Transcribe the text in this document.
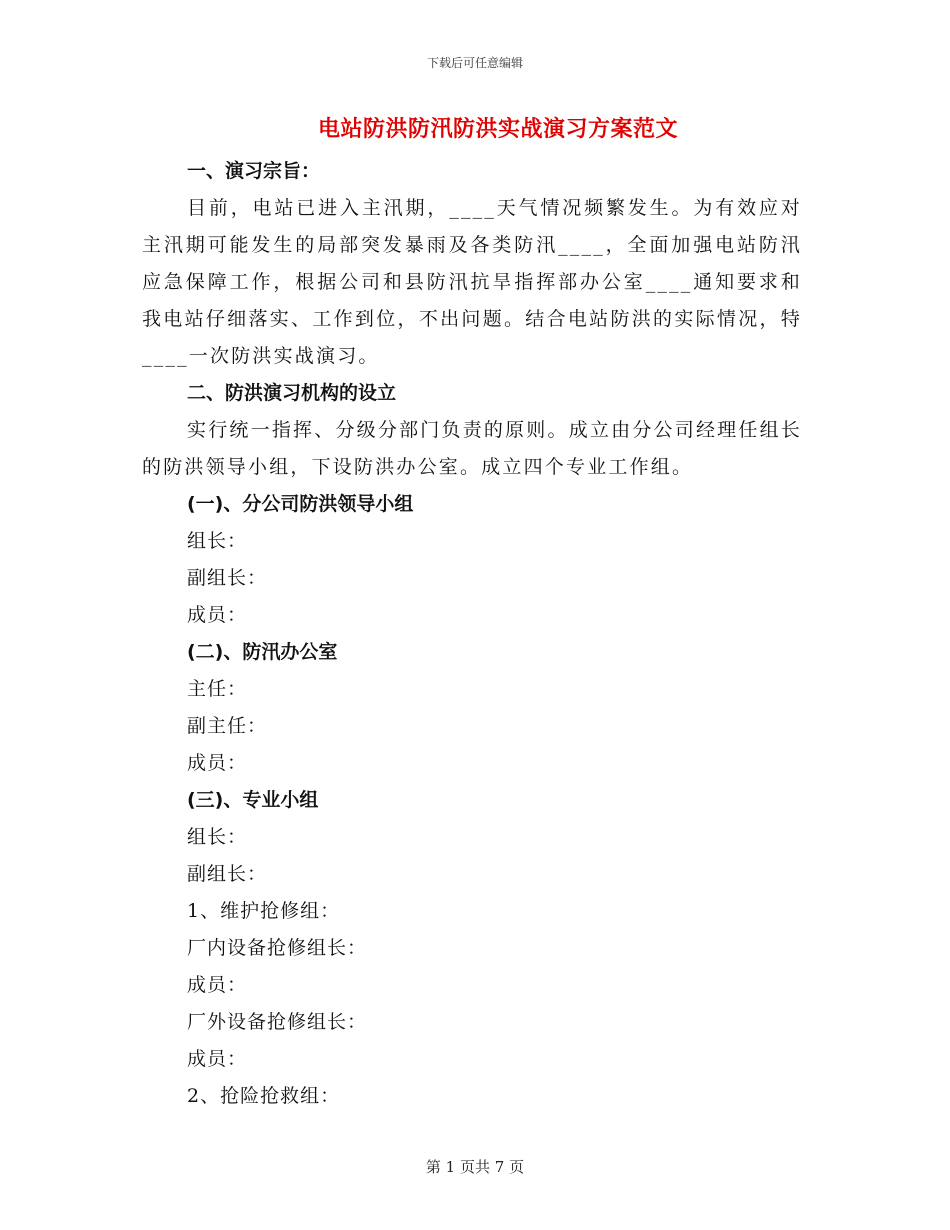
下载后可任意编辑
电站防洪防汛防洪实战演习方案范文

一、演习宗旨：

目前，电站已进入主汛期，____天气情况频繁发生。为有效应对主汛期可能发生的局部突发暴雨及各类防汛____，全面加强电站防汛应急保障工作，根据公司和县防汛抗旱指挥部办公室____通知要求和我电站仔细落实、工作到位，不出问题。结合电站防洪的实际情况，特____一次防洪实战演习。

二、防洪演习机构的设立

实行统一指挥、分级分部门负责的原则。成立由分公司经理任组长的防洪领导小组，下设防洪办公室。成立四个专业工作组。

(一)、分公司防洪领导小组

组长：

副组长：

成员：

(二)、防汛办公室

主任：

副主任：

成员：

(三)、专业小组

组长：

副组长：

1、维护抢修组：

厂内设备抢修组长：

成员：

厂外设备抢修组长：

成员：

2、抢险抢救组：

第 1 页共 7 页
